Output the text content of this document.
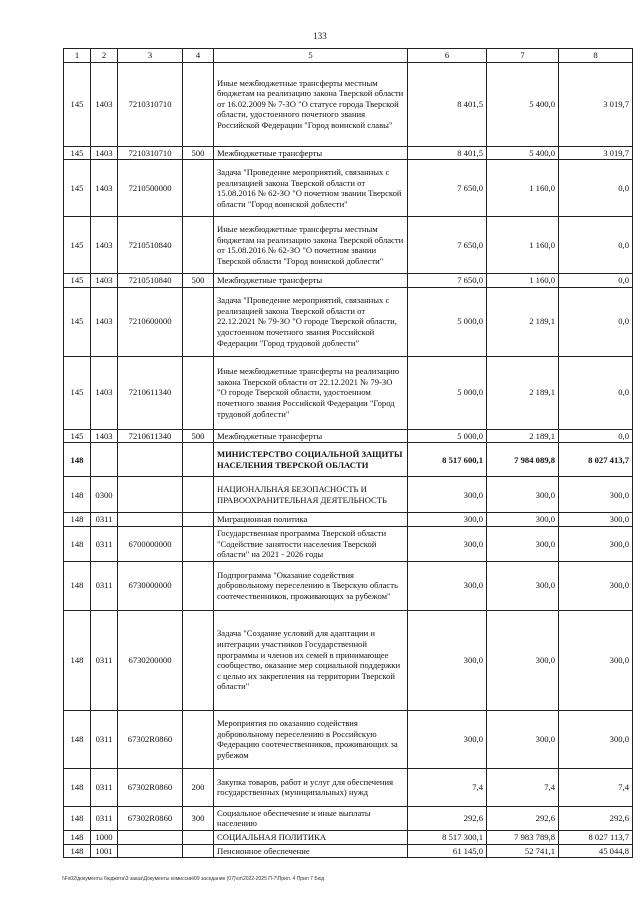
133
1	2	3	4	5	6	7	8
145	1403	7210310710		Иные межбюджетные трансферты местным бюджетам на реализацию закона Тверской области от 16.02.2009 № 7-ЗО "О статусе города Тверской области, удостоенного почетного звания Российской Федерации "Город воинской славы"	8 401,5	5 400,0	3 019,7
145	1403	7210310710	500	Межбюджетные трансферты	8 401,5	5 400,0	3 019,7
145	1403	7210500000		Задача "Проведение мероприятий, связанных с реализацией закона Тверской области от 15.08.2016 № 62-ЗО "О почетном звании Тверской области "Город воинской доблести"	7 650,0	1 160,0	0,0
145	1403	7210510840		Иные межбюджетные трансферты местным бюджетам на реализацию закона Тверской области от 15.08.2016 № 62-ЗО "О почетном звании Тверской области "Город воинской доблести"	7 650,0	1 160,0	0,0
145	1403	7210510840	500	Межбюджетные трансферты	7 650,0	1 160,0	0,0
145	1403	7210600000		Задача "Проведение мероприятий, связанных с реализацией закона Тверской области от 22.12.2021 № 79-ЗО "О городе Тверской области, удостоенном почетного звания Российской Федерации "Город трудовой доблести"	5 000,0	2 189,1	0,0
145	1403	7210611340		Иные межбюджетные трансферты на реализацию закона Тверской области от 22.12.2021 № 79-ЗО "О городе Тверской области, удостоенном почетного звания Российской Федерации "Город трудовой доблести"	5 000,0	2 189,1	0,0
145	1403	7210611340	500	Межбюджетные трансферты	5 000,0	2 189,1	0,0
148				МИНИСТЕРСТВО СОЦИАЛЬНОЙ ЗАЩИТЫ НАСЕЛЕНИЯ ТВЕРСКОЙ ОБЛАСТИ	8 517 600,1	7 984 089,8	8 027 413,7
148	0300			НАЦИОНАЛЬНАЯ БЕЗОПАСНОСТЬ И ПРАВООХРАНИТЕЛЬНАЯ ДЕЯТЕЛЬНОСТЬ	300,0	300,0	300,0
148	0311			Миграционная политика	300,0	300,0	300,0
148	0311	6700000000		Государственная программа Тверской области "Содействие занятости населения Тверской области" на 2021 - 2026 годы	300,0	300,0	300,0
148	0311	6730000000		Подпрограмма "Оказание содействия добровольному переселению в Тверскую область соотечественников, проживающих за рубежом"	300,0	300,0	300,0
148	0311	6730200000		Задача "Создание условий для адаптации и интеграции участников Государственной программы и членов их семей в принимающее сообщество, оказание мер социальной поддержки с целью их закрепления на территории Тверской области"	300,0	300,0	300,0
148	0311	67302R0860		Мероприятия по оказанию содействия добровольному переселению в Российскую Федерацию соотечественников, проживающих за рубежом	300,0	300,0	300,0
148	0311	67302R0860	200	Закупка товаров, работ и услуг для обеспечения государственных (муниципальных) нужд	7,4	7,4	7,4
148	0311	67302R0860	300	Социальное обеспечение и иные выплаты населению	292,6	292,6	292,6
148	1000			СОЦИАЛЬНАЯ ПОЛИТИКА	8 517 300,1	7 983 789,8	8 027 113,7
148	1001			Пенсионное обеспечение	61 145,0	52 741,1	45 044,8
\\Fs02\документы бюджета\3 заказ\Документы комиссии\09 заседание (07)\ог\2022-2025 П-7\Прил. 4 Прил 7 Бюд
